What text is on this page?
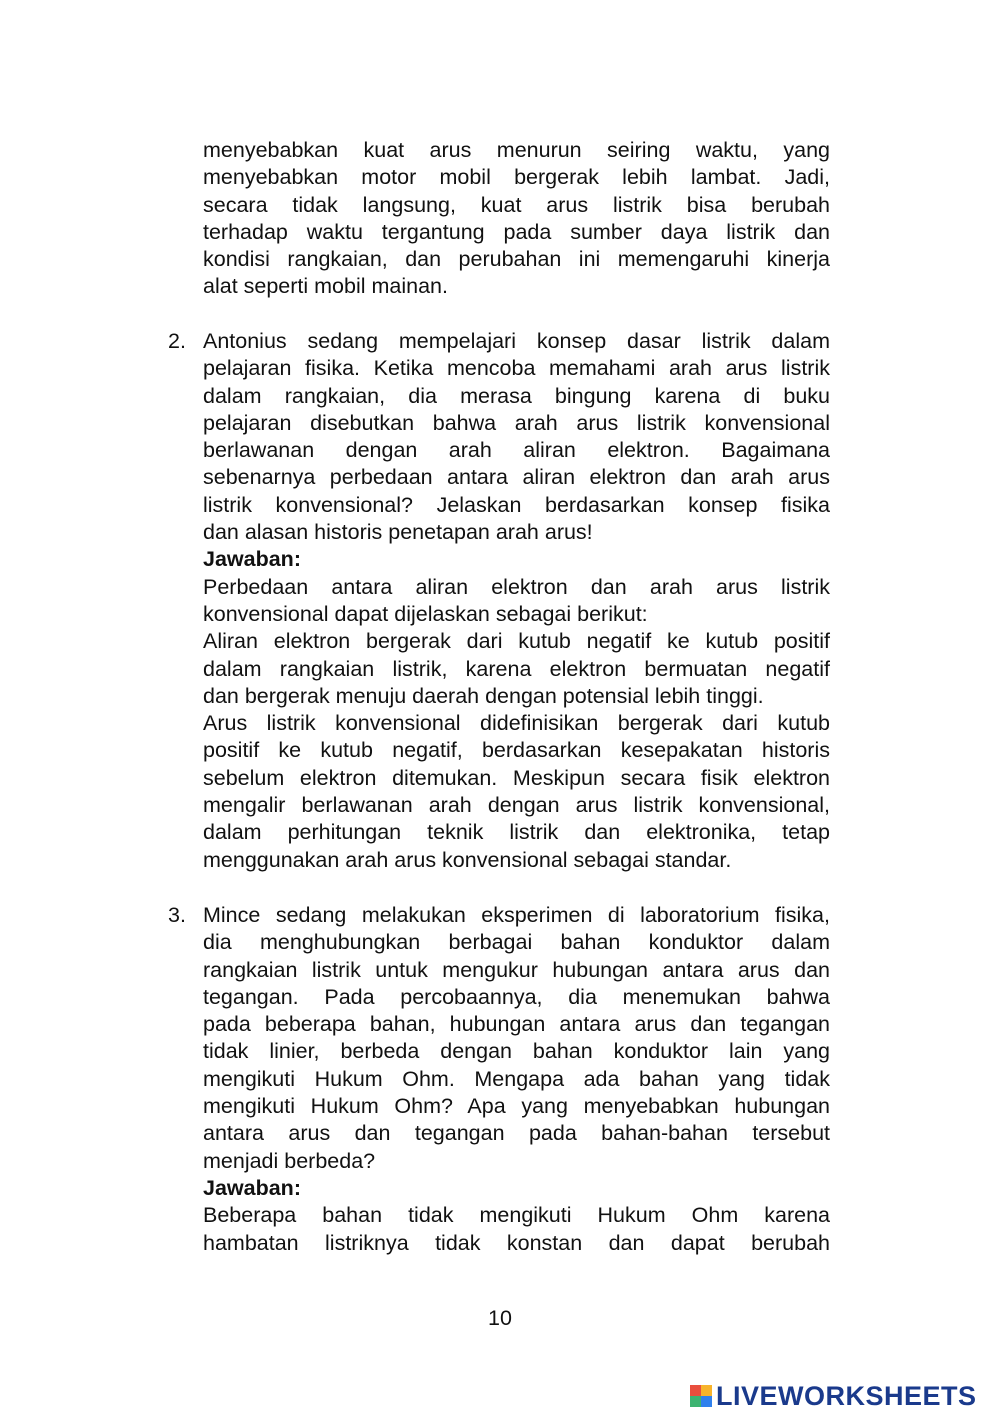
menyebabkan kuat arus menurun seiring waktu, yang
menyebabkan motor mobil bergerak lebih lambat. Jadi,
secara tidak langsung, kuat arus listrik bisa berubah
terhadap waktu tergantung pada sumber daya listrik dan
kondisi rangkaian, dan perubahan ini memengaruhi kinerja
alat seperti mobil mainan.
2. Antonius sedang mempelajari konsep dasar listrik dalam
pelajaran fisika. Ketika mencoba memahami arah arus listrik
dalam rangkaian, dia merasa bingung karena di buku
pelajaran disebutkan bahwa arah arus listrik konvensional
berlawanan dengan arah aliran elektron. Bagaimana
sebenarnya perbedaan antara aliran elektron dan arah arus
listrik konvensional? Jelaskan berdasarkan konsep fisika
dan alasan historis penetapan arah arus!
Jawaban:
Perbedaan antara aliran elektron dan arah arus listrik
konvensional dapat dijelaskan sebagai berikut:
Aliran elektron bergerak dari kutub negatif ke kutub positif
dalam rangkaian listrik, karena elektron bermuatan negatif
dan bergerak menuju daerah dengan potensial lebih tinggi.
Arus listrik konvensional didefinisikan bergerak dari kutub
positif ke kutub negatif, berdasarkan kesepakatan historis
sebelum elektron ditemukan. Meskipun secara fisik elektron
mengalir berlawanan arah dengan arus listrik konvensional,
dalam perhitungan teknik listrik dan elektronika, tetap
menggunakan arah arus konvensional sebagai standar.
3. Mince sedang melakukan eksperimen di laboratorium fisika,
dia menghubungkan berbagai bahan konduktor dalam
rangkaian listrik untuk mengukur hubungan antara arus dan
tegangan. Pada percobaannya, dia menemukan bahwa
pada beberapa bahan, hubungan antara arus dan tegangan
tidak linier, berbeda dengan bahan konduktor lain yang
mengikuti Hukum Ohm. Mengapa ada bahan yang tidak
mengikuti Hukum Ohm? Apa yang menyebabkan hubungan
antara arus dan tegangan pada bahan-bahan tersebut
menjadi berbeda?
Jawaban:
Beberapa bahan tidak mengikuti Hukum Ohm karena
hambatan listriknya tidak konstan dan dapat berubah
10
LIVEWORKSHEETS
